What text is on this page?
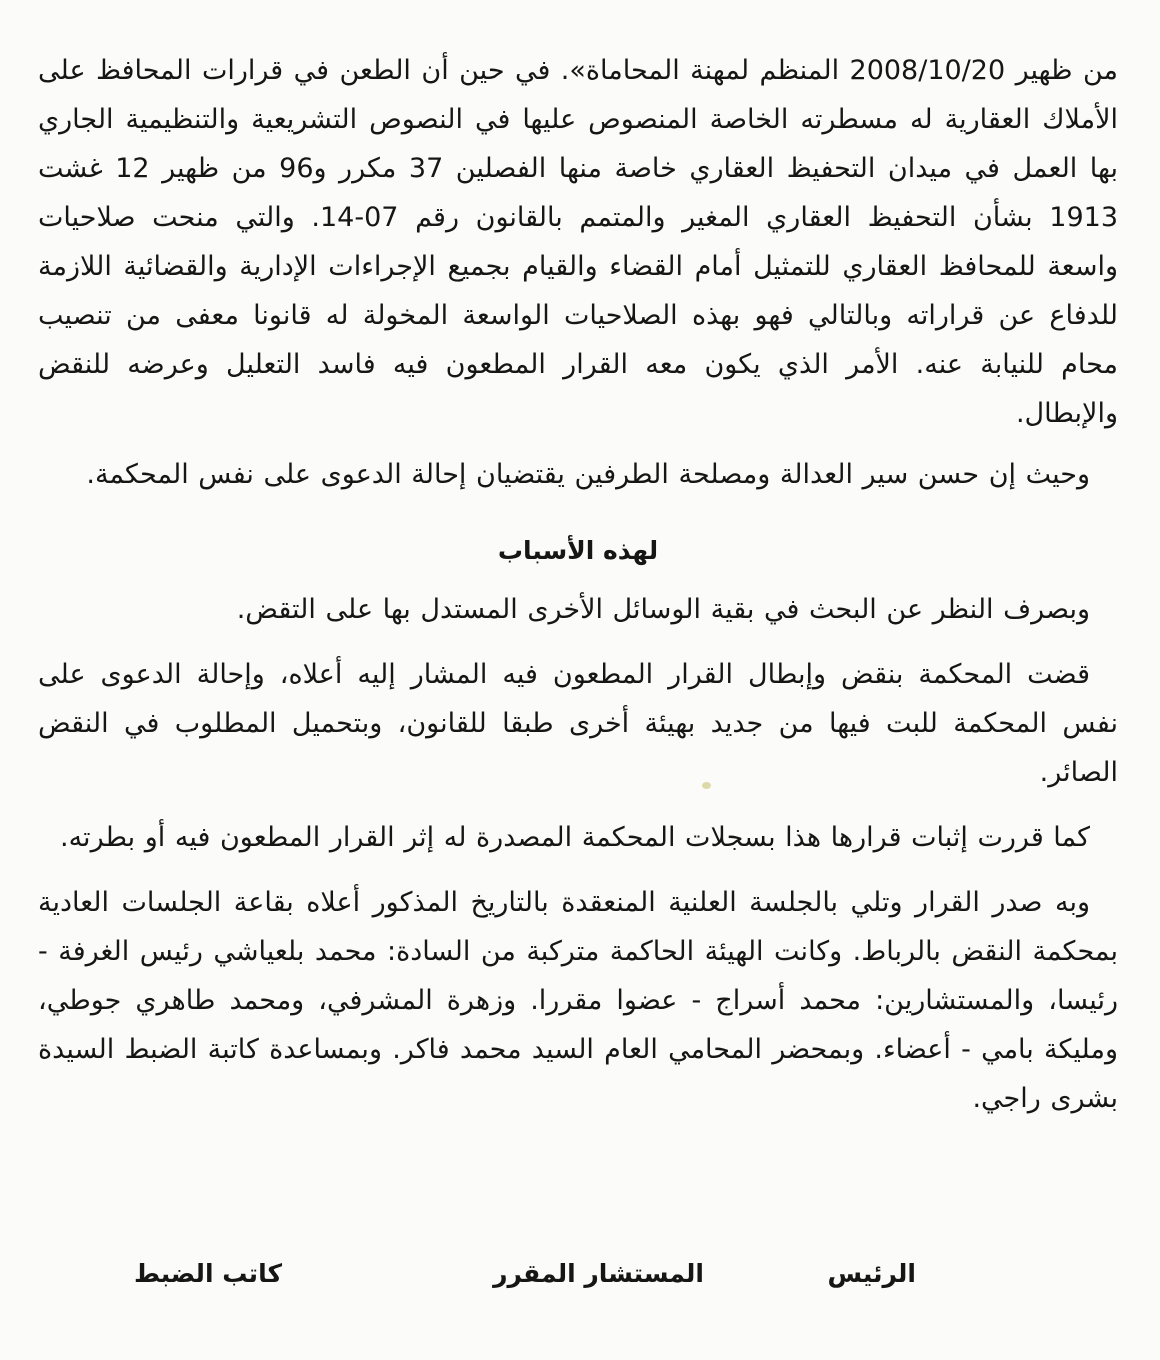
من ظهير 2008/10/20 المنظم لمهنة المحاماة». في حين أن الطعن في قرارات المحافظ على الأملاك العقارية له مسطرته الخاصة المنصوص عليها في النصوص التشريعية والتنظيمية الجاري بها العمل في ميدان التحفيظ العقاري خاصة منها الفصلين 37 مكرر و96 من ظهير 12 غشت 1913 بشأن التحفيظ العقاري المغير والمتمم بالقانون رقم 07-14. والتي منحت صلاحيات واسعة للمحافظ العقاري للتمثيل أمام القضاء والقيام بجميع الإجراءات الإدارية والقضائية اللازمة للدفاع عن قراراته وبالتالي فهو بهذه الصلاحيات الواسعة المخولة له قانونا معفى من تنصيب محام للنيابة عنه. الأمر الذي يكون معه القرار المطعون فيه فاسد التعليل وعرضه للنقض والإبطال.

وحيث إن حسن سير العدالة ومصلحة الطرفين يقتضيان إحالة الدعوى على نفس المحكمة.

لهذه الأسباب

وبصرف النظر عن البحث في بقية الوسائل الأخرى المستدل بها على التقض.

قضت المحكمة بنقض وإبطال القرار المطعون فيه المشار إليه أعلاه، وإحالة الدعوى على نفس المحكمة للبت فيها من جديد بهيئة أخرى طبقا للقانون، وبتحميل المطلوب في النقض الصائر.

كما قررت إثبات قرارها هذا بسجلات المحكمة المصدرة له إثر القرار المطعون فيه أو بطرته.

وبه صدر القرار وتلي بالجلسة العلنية المنعقدة بالتاريخ المذكور أعلاه بقاعة الجلسات العادية بمحكمة النقض بالرباط. وكانت الهيئة الحاكمة متركبة من السادة: محمد بلعياشي رئيس الغرفة - رئيسا، والمستشارين: محمد أسراج - عضوا مقررا. وزهرة المشرفي، ومحمد طاهري جوطي، ومليكة بامي - أعضاء. وبمحضر المحامي العام السيد محمد فاكر. وبمساعدة كاتبة الضبط السيدة بشرى راجي.

الرئيس
المستشار المقرر
كاتب الضبط
